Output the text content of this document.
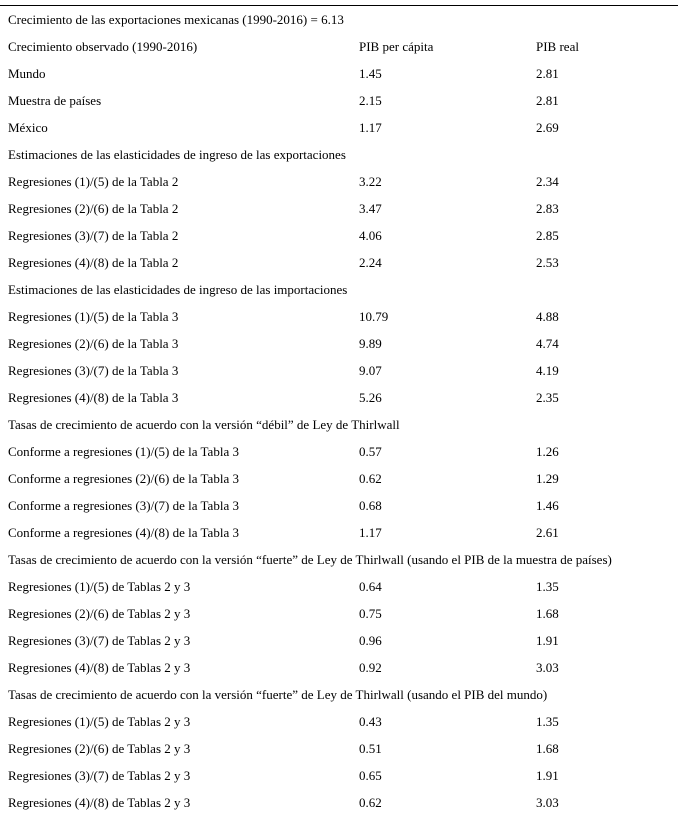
Crecimiento de las exportaciones mexicanas (1990-2016) = 6.13
Crecimiento observado (1990-2016)	PIB per cápita	PIB real
Mundo	1.45	2.81
Muestra de países	2.15	2.81
México	1.17	2.69
Estimaciones de las elasticidades de ingreso de las exportaciones
Regresiones (1)/(5) de la Tabla 2	3.22	2.34
Regresiones (2)/(6) de la Tabla 2	3.47	2.83
Regresiones (3)/(7) de la Tabla 2	4.06	2.85
Regresiones (4)/(8) de la Tabla 2	2.24	2.53
Estimaciones de las elasticidades de ingreso de las importaciones
Regresiones (1)/(5) de la Tabla 3	10.79	4.88
Regresiones (2)/(6) de la Tabla 3	9.89	4.74
Regresiones (3)/(7) de la Tabla 3	9.07	4.19
Regresiones (4)/(8) de la Tabla 3	5.26	2.35
Tasas de crecimiento de acuerdo con la versión “débil” de Ley de Thirlwall
Conforme a regresiones (1)/(5) de la Tabla 3	0.57	1.26
Conforme a regresiones (2)/(6) de la Tabla 3	0.62	1.29
Conforme a regresiones (3)/(7) de la Tabla 3	0.68	1.46
Conforme a regresiones (4)/(8) de la Tabla 3	1.17	2.61
Tasas de crecimiento de acuerdo con la versión “fuerte” de Ley de Thirlwall (usando el PIB de la muestra de países)
Regresiones (1)/(5) de Tablas 2 y 3	0.64	1.35
Regresiones (2)/(6) de Tablas 2 y 3	0.75	1.68
Regresiones (3)/(7) de Tablas 2 y 3	0.96	1.91
Regresiones (4)/(8) de Tablas 2 y 3	0.92	3.03
Tasas de crecimiento de acuerdo con la versión “fuerte” de Ley de Thirlwall (usando el PIB del mundo)
Regresiones (1)/(5) de Tablas 2 y 3	0.43	1.35
Regresiones (2)/(6) de Tablas 2 y 3	0.51	1.68
Regresiones (3)/(7) de Tablas 2 y 3	0.65	1.91
Regresiones (4)/(8) de Tablas 2 y 3	0.62	3.03
